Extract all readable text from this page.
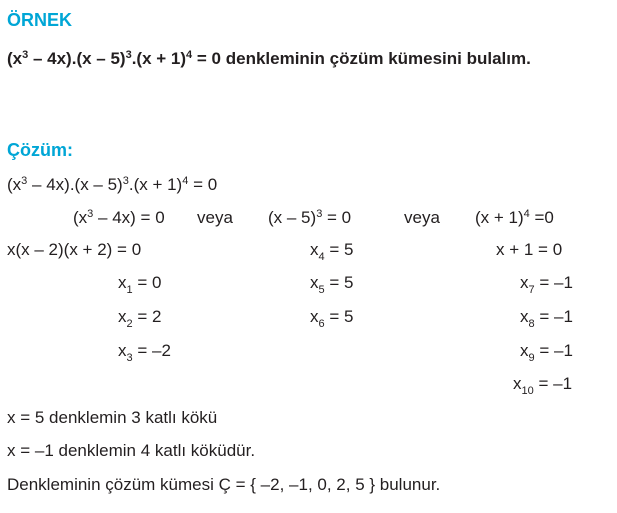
ÖRNEK
$(x^3 - 4x).(x - 5)^3.(x + 1)^4 = 0$ denkleminin çözüm kümesini bulalım.
Çözüm:
$(x^3 - 4x).(x - 5)^3.(x + 1)^4 = 0$
$(x^3 - 4x) = 0$ veya (x – 5)$^3$ = 0	veya $(x + 1)^4 =0$
x(x – 2)(x + 2) = 0
$x_1 = 0$
$x_2 = 2$
$x_3 = -2$
$x_4 = 5$
$x_5 = 5$
$x_6 = 5$
x + 1 = 0
$x_7 = -1$
$x_8 = -1$
$x_9 = -1$
$x_{10} = -1$
x = 5 denklemin 3 katlı kökü
x = –1 denklemin 4 katlı köküdür.
Denkleminin çözüm kümesi Ç = { –2, –1, 0, 2, 5 } bulunur.
